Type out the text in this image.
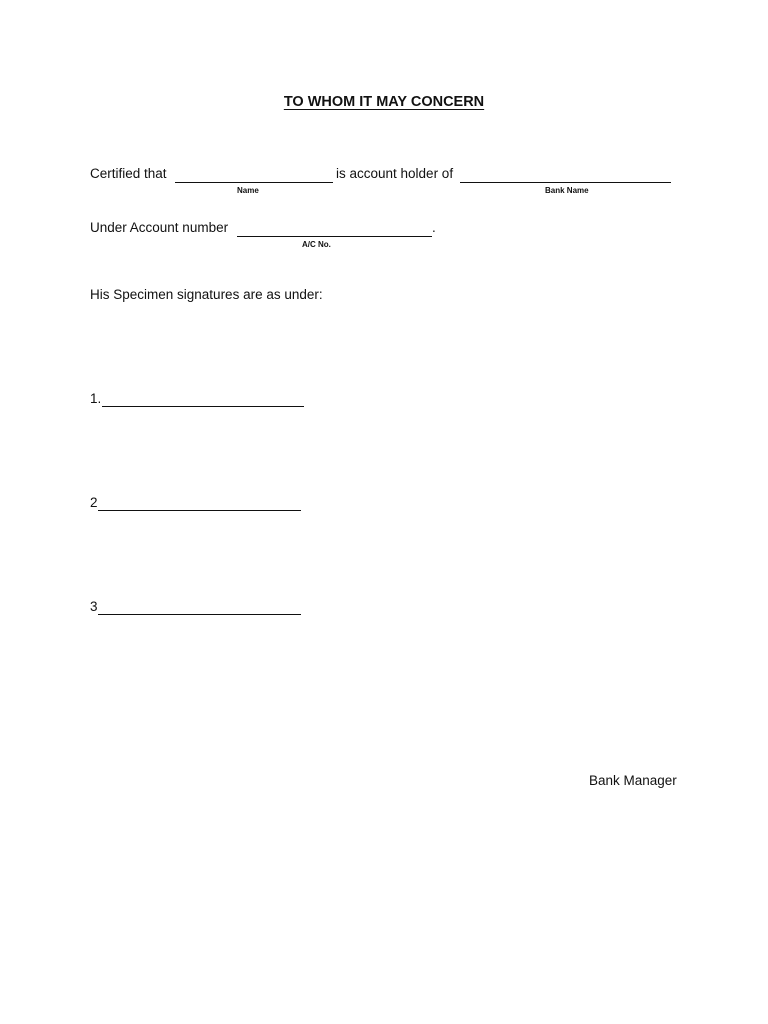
TO WHOM IT MAY CONCERN
Certified that	is account holder of
Name	Bank Name
Under Account number	.
A/C No.
His Specimen signatures are as under:
1.
2
3
Bank Manager
